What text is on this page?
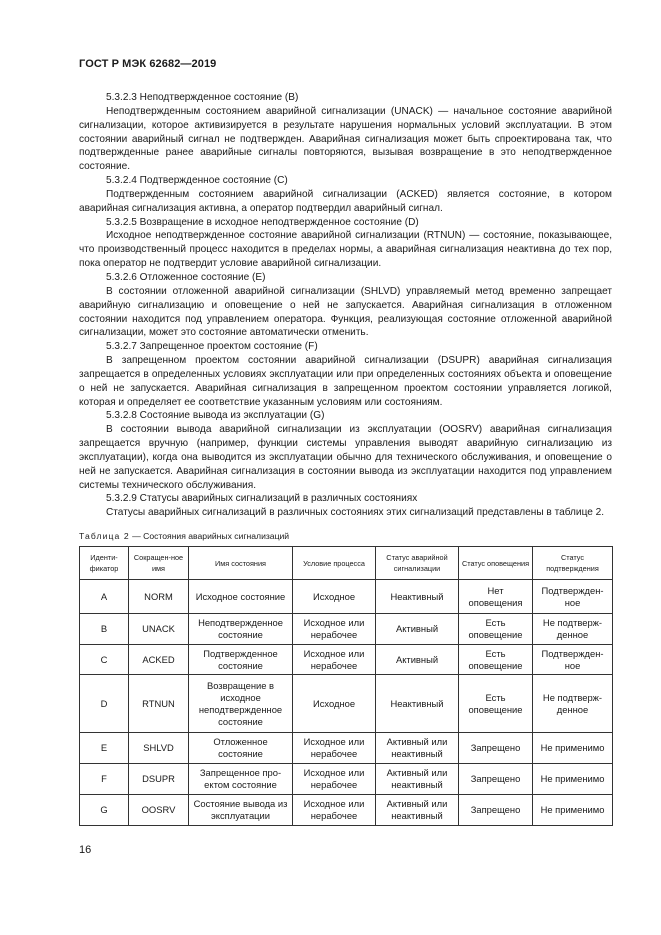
ГОСТ Р МЭК 62682—2019

5.3.2.3 Неподтвержденное состояние (B)

Неподтвержденным состоянием аварийной сигнализации (UNACK) — начальное состояние аварийной сигнализации, которое активизируется в результате нарушения нормальных условий эксплуатации. В этом состоянии аварийный сигнал не подтвержден. Аварийная сигнализация может быть спроектирована так, что подтвержденные ранее аварийные сигналы повторяются, вызывая возвращение в это неподтвержденное состояние.

5.3.2.4 Подтвержденное состояние (C)

Подтвержденным состоянием аварийной сигнализации (ACKED) является состояние, в котором аварийная сигнализация активна, а оператор подтвердил аварийный сигнал.

5.3.2.5 Возвращение в исходное неподтвержденное состояние (D)

Исходное неподтвержденное состояние аварийной сигнализации (RTNUN) — состояние, показывающее, что производственный процесс находится в пределах нормы, а аварийная сигнализация неактивна до тех пор, пока оператор не подтвердит условие аварийной сигнализации.

5.3.2.6 Отложенное состояние (E)

В состоянии отложенной аварийной сигнализации (SHLVD) управляемый метод временно запрещает аварийную сигнализацию и оповещение о ней не запускается. Аварийная сигнализация в отложенном состоянии находится под управлением оператора. Функция, реализующая состояние отложенной аварийной сигнализации, может это состояние автоматически отменить.

5.3.2.7 Запрещенное проектом состояние (F)

В запрещенном проектом состоянии аварийной сигнализации (DSUPR) аварийная сигнализация запрещается в определенных условиях эксплуатации или при определенных состояниях объекта и оповещение о ней не запускается. Аварийная сигнализация в запрещенном проектом состоянии управляется логикой, которая и определяет ее соответствие указанным условиям или состояниям.

5.3.2.8 Состояние вывода из эксплуатации (G)

В состоянии вывода аварийной сигнализации из эксплуатации (OOSRV) аварийная сигнализация запрещается вручную (например, функции системы управления выводят аварийную сигнализацию из эксплуатации), когда она выводится из эксплуатации обычно для технического обслуживания, и оповещение о ней не запускается. Аварийная сигнализация в состоянии вывода из эксплуатации находится под управлением системы технического обслуживания.

5.3.2.9 Статусы аварийных сигнализаций в различных состояниях

Статусы аварийных сигнализаций в различных состояниях этих сигнализаций представлены в таблице 2.

Таблица 2 — Состояния аварийных сигнализаций
Иденти-фикатор	Сокращен-ное имя	Имя состояния	Условие процесса	Статус аварийной сигнализации	Статус оповещения	Статус подтверждения
A	NORM	Исходное состояние	Исходное	Неактивный	Нет оповещения	Подтвержден-ное
B	UNACK	Неподтвержденное состояние	Исходное или нерабочее	Активный	Есть оповещение	Не подтверж-денное
C	ACKED	Подтвержденное состояние	Исходное или нерабочее	Активный	Есть оповещение	Подтвержден-ное
D	RTNUN	Возвращение в исходное неподтвержденное состояние	Исходное	Неактивный	Есть оповещение	Не подтверж-денное
E	SHLVD	Отложенное состояние	Исходное или нерабочее	Активный или неактивный	Запрещено	Не применимо
F	DSUPR	Запрещенное про-ектом состояние	Исходное или нерабочее	Активный или неактивный	Запрещено	Не применимо
G	OOSRV	Состояние вывода из эксплуатации	Исходное или нерабочее	Активный или неактивный	Запрещено	Не применимо
16
